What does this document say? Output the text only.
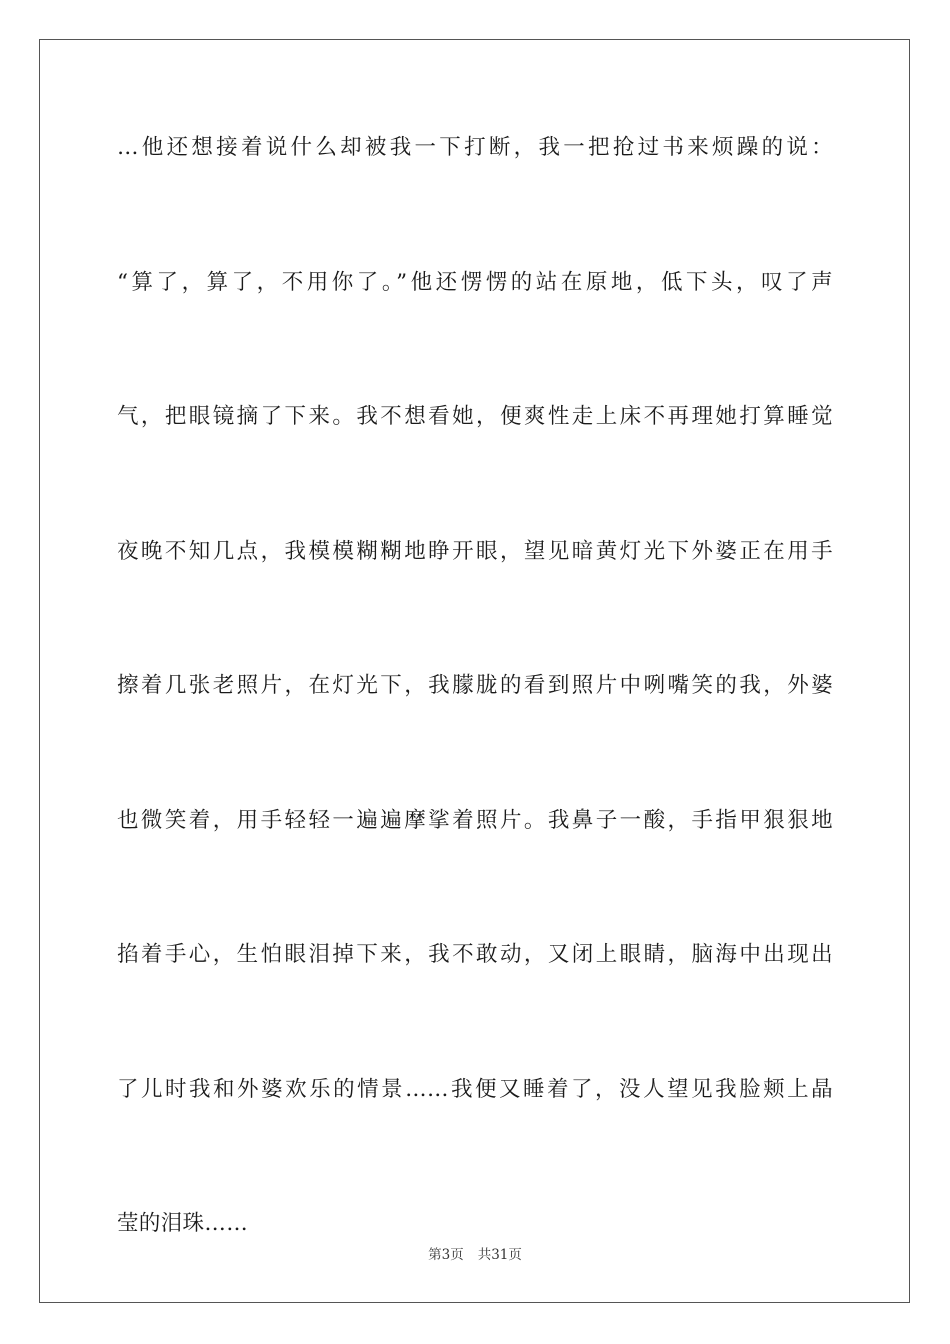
…他还想接着说什么却被我一下打断，我一把抢过书来烦躁的说：
“算了，算了，不用你了。”他还愣愣的站在原地，低下头，叹了声
气，把眼镜摘了下来。我不想看她，便爽性走上床不再理她打算睡觉
夜晚不知几点，我模模糊糊地睁开眼，望见暗黄灯光下外婆正在用手
擦着几张老照片，在灯光下，我朦胧的看到照片中咧嘴笑的我，外婆
也微笑着，用手轻轻一遍遍摩挲着照片。我鼻子一酸，手指甲狠狠地
掐着手心，生怕眼泪掉下来，我不敢动，又闭上眼睛，脑海中出现出
了儿时我和外婆欢乐的情景……我便又睡着了，没人望见我脸颊上晶
莹的泪珠……
第3页 共31页
